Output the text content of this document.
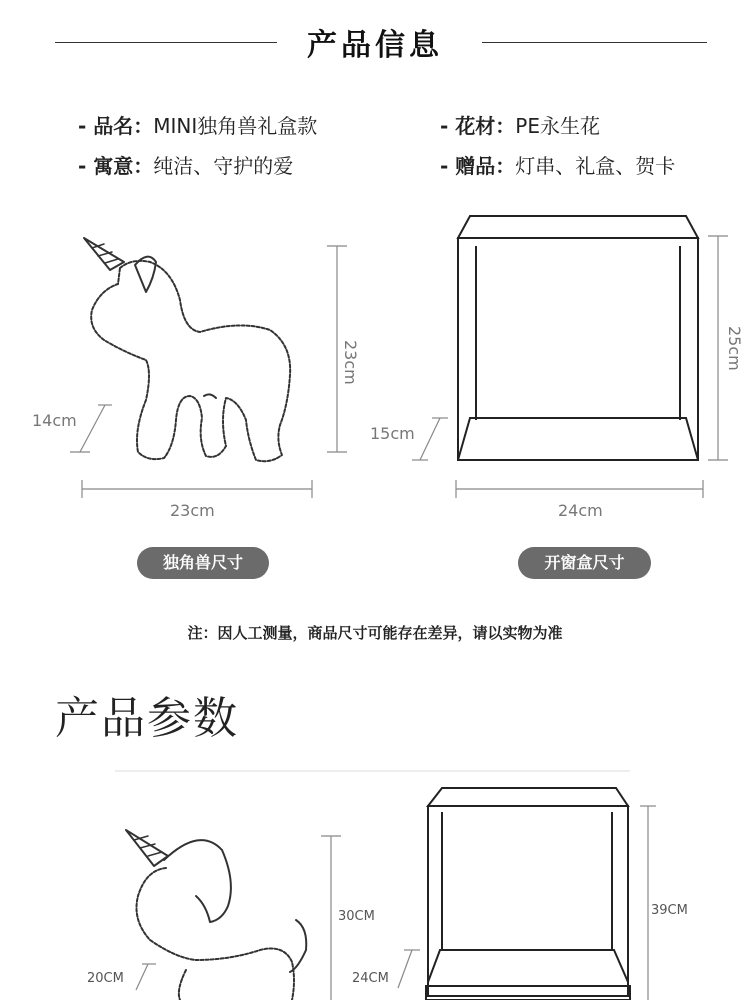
产品信息
- 品名：MINI独角兽礼盒款	- 花材：PE永生花
- 寓意：纯洁、守护的爱	- 赠品：灯串、礼盒、贺卡
23cm
14cm
23cm
25cm
15cm
24cm
独角兽尺寸	开窗盒尺寸
注：因人工测量，商品尺寸可能存在差异，请以实物为准
产品参数
30CM
20CM
39CM
24CM
